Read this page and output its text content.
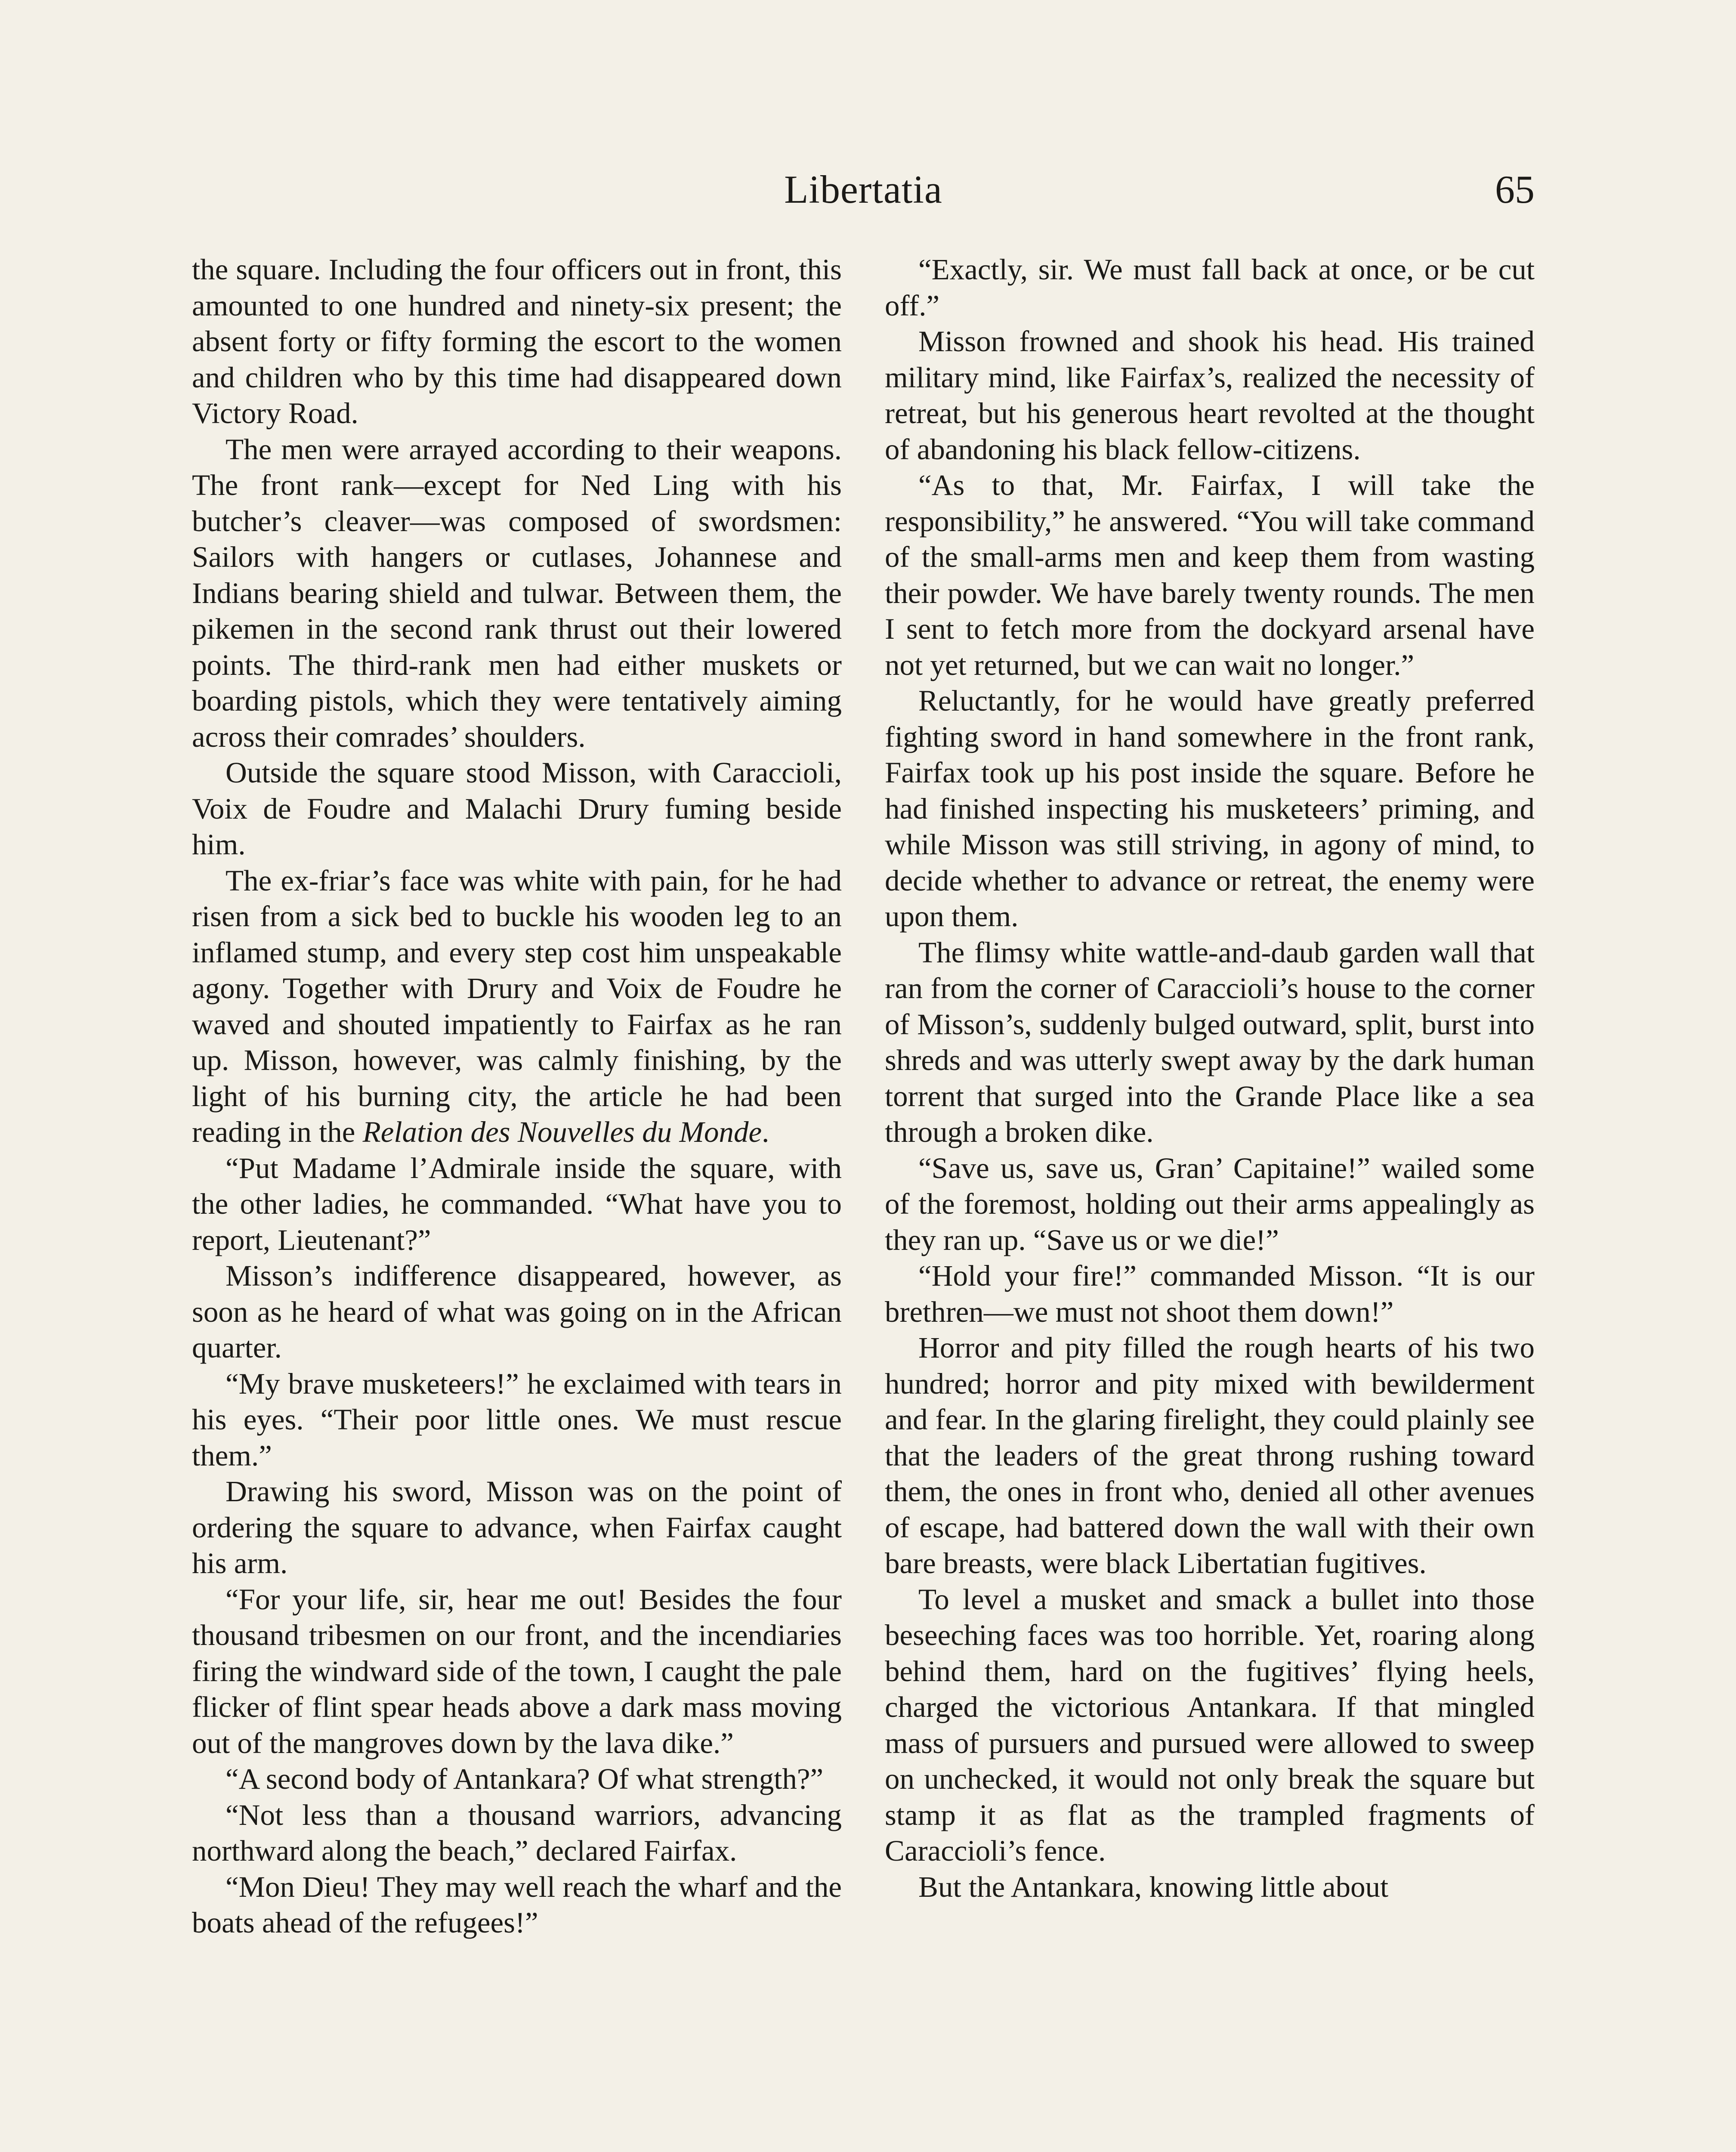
Libertatia	65

the square. Including the four officers out in front, this amounted to one hundred and ninety-six present; the absent forty or fifty forming the escort to the women and children who by this time had disappeared down Victory Road.

The men were arrayed according to their weapons. The front rank—except for Ned Ling with his butcher’s cleaver—was composed of swordsmen: Sailors with hangers or cutlases, Johannese and Indians bearing shield and tulwar. Between them, the pikemen in the second rank thrust out their lowered points. The third-rank men had either muskets or boarding pistols, which they were tentatively aiming across their comrades’ shoulders.

Outside the square stood Misson, with Caraccioli, Voix de Foudre and Malachi Drury fuming beside him.

The ex-friar’s face was white with pain, for he had risen from a sick bed to buckle his wooden leg to an inflamed stump, and every step cost him unspeakable agony. Together with Drury and Voix de Foudre he waved and shouted impatiently to Fairfax as he ran up. Misson, however, was calmly finishing, by the light of his burning city, the article he had been reading in the Relation des Nouvelles du Monde.

“Put Madame l’Admirale inside the square, with the other ladies, he commanded. “What have you to report, Lieutenant?”

Misson’s indifference disappeared, however, as soon as he heard of what was going on in the African quarter.

“My brave musketeers!” he exclaimed with tears in his eyes. “Their poor little ones. We must rescue them.”

Drawing his sword, Misson was on the point of ordering the square to advance, when Fairfax caught his arm.

“For your life, sir, hear me out! Besides the four thousand tribesmen on our front, and the incendiaries firing the windward side of the town, I caught the pale flicker of flint spear heads above a dark mass moving out of the mangroves down by the lava dike.”

“A second body of Antankara? Of what strength?”

“Not less than a thousand warriors, advancing northward along the beach,” declared Fairfax.

“Mon Dieu! They may well reach the wharf and the boats ahead of the refugees!”

“Exactly, sir. We must fall back at once, or be cut off.”

Misson frowned and shook his head. His trained military mind, like Fairfax’s, realized the necessity of retreat, but his generous heart revolted at the thought of abandoning his black fellow-citizens.

“As to that, Mr. Fairfax, I will take the responsibility,” he answered. “You will take command of the small-arms men and keep them from wasting their powder. We have barely twenty rounds. The men I sent to fetch more from the dockyard arsenal have not yet returned, but we can wait no longer.”

Reluctantly, for he would have greatly preferred fighting sword in hand somewhere in the front rank, Fairfax took up his post inside the square. Before he had finished inspecting his musketeers’ priming, and while Misson was still striving, in agony of mind, to decide whether to advance or retreat, the enemy were upon them.

The flimsy white wattle-and-daub garden wall that ran from the corner of Caraccioli’s house to the corner of Misson’s, suddenly bulged outward, split, burst into shreds and was utterly swept away by the dark human torrent that surged into the Grande Place like a sea through a broken dike.

“Save us, save us, Gran’ Capitaine!” wailed some of the foremost, holding out their arms appealingly as they ran up. “Save us or we die!”

“Hold your fire!” commanded Misson. “It is our brethren—we must not shoot them down!”

Horror and pity filled the rough hearts of his two hundred; horror and pity mixed with bewilderment and fear. In the glaring firelight, they could plainly see that the leaders of the great throng rushing toward them, the ones in front who, denied all other avenues of escape, had battered down the wall with their own bare breasts, were black Libertatian fugitives.

To level a musket and smack a bullet into those beseeching faces was too horrible. Yet, roaring along behind them, hard on the fugitives’ flying heels, charged the victorious Antankara. If that mingled mass of pursuers and pursued were allowed to sweep on unchecked, it would not only break the square but stamp it as flat as the trampled fragments of Caraccioli’s fence.

But the Antankara, knowing little about
